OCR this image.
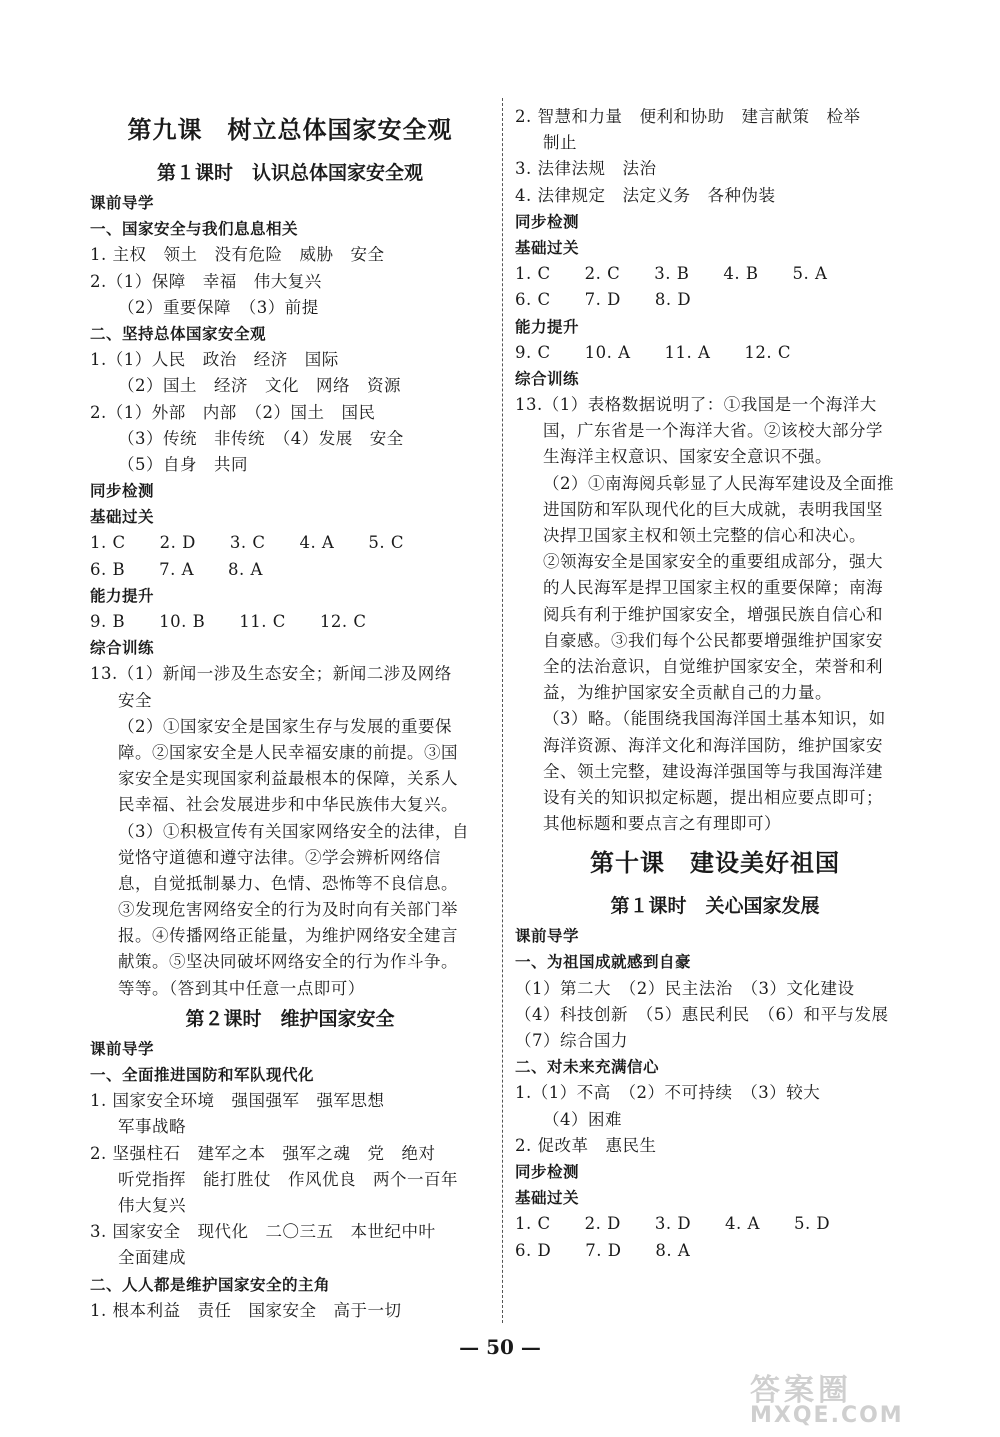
第九课　树立总体国家安全观
第１课时　认识总体国家安全观
课前导学
一、国家安全与我们息息相关
1. 主权　领土　没有危险　威胁　安全
2.（1）保障　幸福　伟大复兴
（2）重要保障　（3）前提
二、坚持总体国家安全观
1.（1）人民　政治　经济　国际
（2）国土　经济　文化　网络　资源
2.（1）外部　内部　（2）国土　国民
（3）传统　非传统　（4）发展　安全
（5）自身　共同
同步检测
基础过关
1. C　　2. D　　3. C　　4. A　　5. C
6. B　　7. A　　8. A
能力提升
9. B　　10. B　　11. C　　12. C
综合训练
13.（1）新闻一涉及生态安全；新闻二涉及网络
安全
（2）①国家安全是国家生存与发展的重要保
障。②国家安全是人民幸福安康的前提。③国
家安全是实现国家利益最根本的保障，关系人
民幸福、社会发展进步和中华民族伟大复兴。
（3）①积极宣传有关国家网络安全的法律，自
觉恪守道德和遵守法律。②学会辨析网络信
息，自觉抵制暴力、色情、恐怖等不良信息。
③发现危害网络安全的行为及时向有关部门举
报。④传播网络正能量，为维护网络安全建言
献策。⑤坚决同破坏网络安全的行为作斗争。
等等。（答到其中任意一点即可）
第２课时　维护国家安全
课前导学
一、全面推进国防和军队现代化
1. 国家安全环境　强国强军　强军思想
军事战略
2. 坚强柱石　建军之本　强军之魂　党　绝对
听党指挥　能打胜仗　作风优良　两个一百年
伟大复兴
3. 国家安全　现代化　二〇三五　本世纪中叶
全面建成
二、人人都是维护国家安全的主角
1. 根本利益　责任　国家安全　高于一切
2. 智慧和力量　便利和协助　建言献策　检举
制止
3. 法律法规　法治
4. 法律规定　法定义务　各种伪装
同步检测
基础过关
1. C　　2. C　　3. B　　4. B　　5. A
6. C　　7. D　　8. D
能力提升
9. C　　10. A　　11. A　　12. C
综合训练
13.（1）表格数据说明了：①我国是一个海洋大
国，广东省是一个海洋大省。②该校大部分学
生海洋主权意识、国家安全意识不强。
（2）①南海阅兵彰显了人民海军建设及全面推
进国防和军队现代化的巨大成就，表明我国坚
决捍卫国家主权和领土完整的信心和决心。
②领海安全是国家安全的重要组成部分，强大
的人民海军是捍卫国家主权的重要保障；南海
阅兵有利于维护国家安全，增强民族自信心和
自豪感。③我们每个公民都要增强维护国家安
全的法治意识，自觉维护国家安全，荣誉和利
益，为维护国家安全贡献自己的力量。
（3）略。（能围绕我国海洋国土基本知识，如
海洋资源、海洋文化和海洋国防，维护国家安
全、领土完整，建设海洋强国等与我国海洋建
设有关的知识拟定标题，提出相应要点即可；
其他标题和要点言之有理即可）
第十课　建设美好祖国
第１课时　关心国家发展
课前导学
一、为祖国成就感到自豪
（1）第二大　（2）民主法治　（3）文化建设
（4）科技创新　（5）惠民利民　（6）和平与发展
（7）综合国力
二、对未来充满信心
1.（1）不高　（2）不可持续　（3）较大
（4）困难
2. 促改革　惠民生
同步检测
基础过关
1. C　　2. D　　3. D　　4. A　　5. D
6. D　　7. D　　8. A
— 50 —
答案圈
MXQE.COM
